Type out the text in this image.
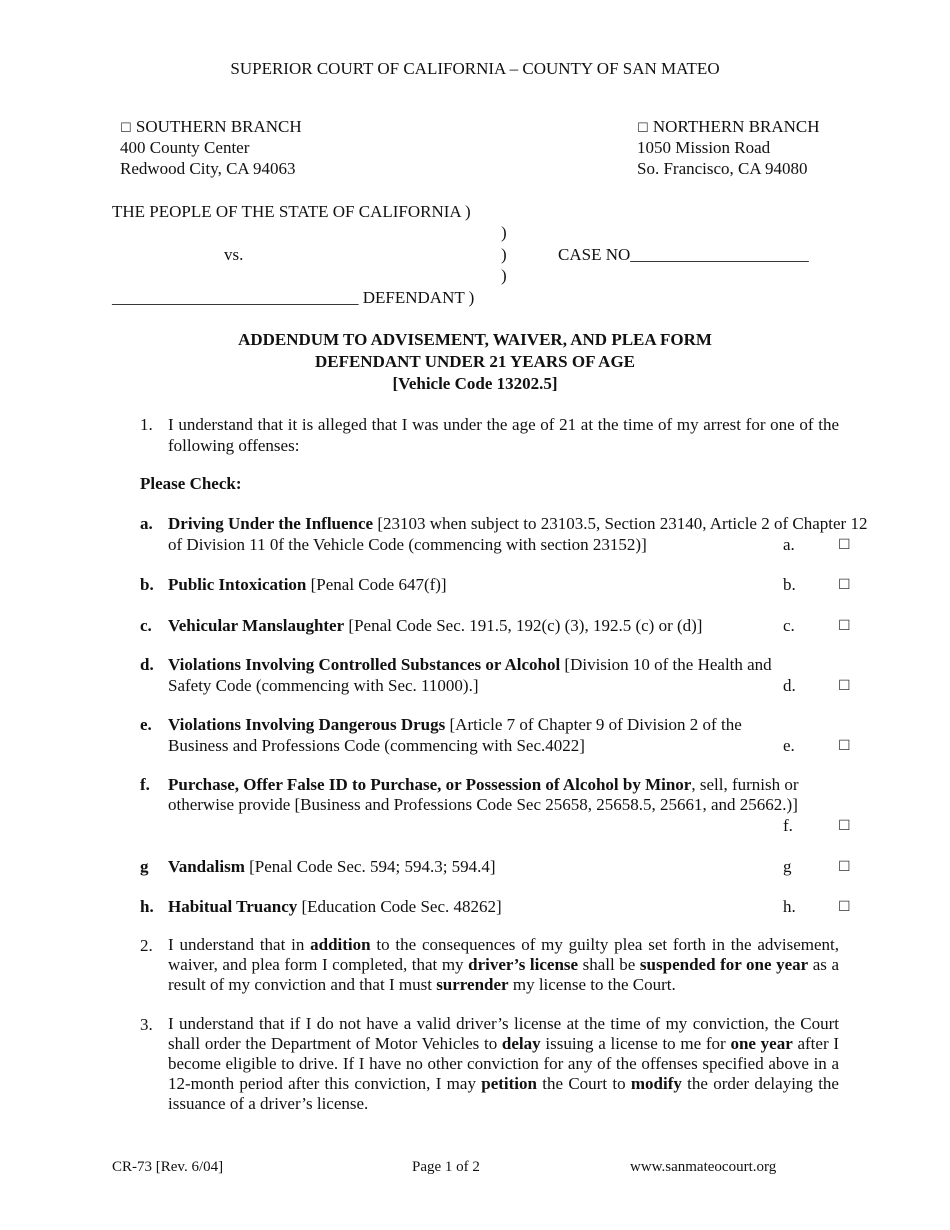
SUPERIOR COURT OF CALIFORNIA – COUNTY OF SAN MATEO
☐ SOUTHERN BRANCH
400 County Center
Redwood City, CA 94063
☐ NORTHERN BRANCH
1050 Mission Road
So. Francisco, CA 94080
THE PEOPLE OF THE STATE OF CALIFORNIA )
)
vs.	)	CASE NO_____________________
)
_____________________________ DEFENDANT )
ADDENDUM TO ADVISEMENT, WAIVER, AND PLEA FORM
DEFENDANT UNDER 21 YEARS OF AGE
[Vehicle Code 13202.5]
1. I understand that it is alleged that I was under the age of 21 at the time of my arrest for one of the following offenses:
Please Check:
a. Driving Under the Influence [23103 when subject to 23103.5, Section 23140, Article 2 of Chapter 12
of Division 11 0f the Vehicle Code (commencing with section 23152)]	a.	☐
b. Public Intoxication [Penal Code 647(f)]	b.	☐
c. Vehicular Manslaughter [Penal Code Sec. 191.5, 192(c) (3), 192.5 (c) or (d)]	c.	☐
d. Violations Involving Controlled Substances or Alcohol [Division 10 of the Health and
Safety Code (commencing with Sec. 11000).]	d.	☐
e. Violations Involving Dangerous Drugs [Article 7 of Chapter 9 of Division 2 of the
Business and Professions Code (commencing with Sec.4022]	e.	☐
f. Purchase, Offer False ID to Purchase, or Possession of Alcohol by Minor, sell, furnish or
otherwise provide [Business and Professions Code Sec 25658, 25658.5, 25661, and 25662.)]
f.	☐
g Vandalism [Penal Code Sec. 594; 594.3; 594.4]	g	☐
h. Habitual Truancy [Education Code Sec. 48262]	h.	☐
2. I understand that in addition to the consequences of my guilty plea set forth in the advisement, waiver, and plea form I completed, that my driver’s license shall be suspended for one year as a result of my conviction and that I must surrender my license to the Court.
3. I understand that if I do not have a valid driver’s license at the time of my conviction, the Court shall order the Department of Motor Vehicles to delay issuing a license to me for one year after I become eligible to drive. If I have no other conviction for any of the offenses specified above in a 12-month period after this conviction, I may petition the Court to modify the order delaying the issuance of a driver’s license.
CR-73 [Rev. 6/04]	Page 1 of 2	www.sanmateocourt.org
